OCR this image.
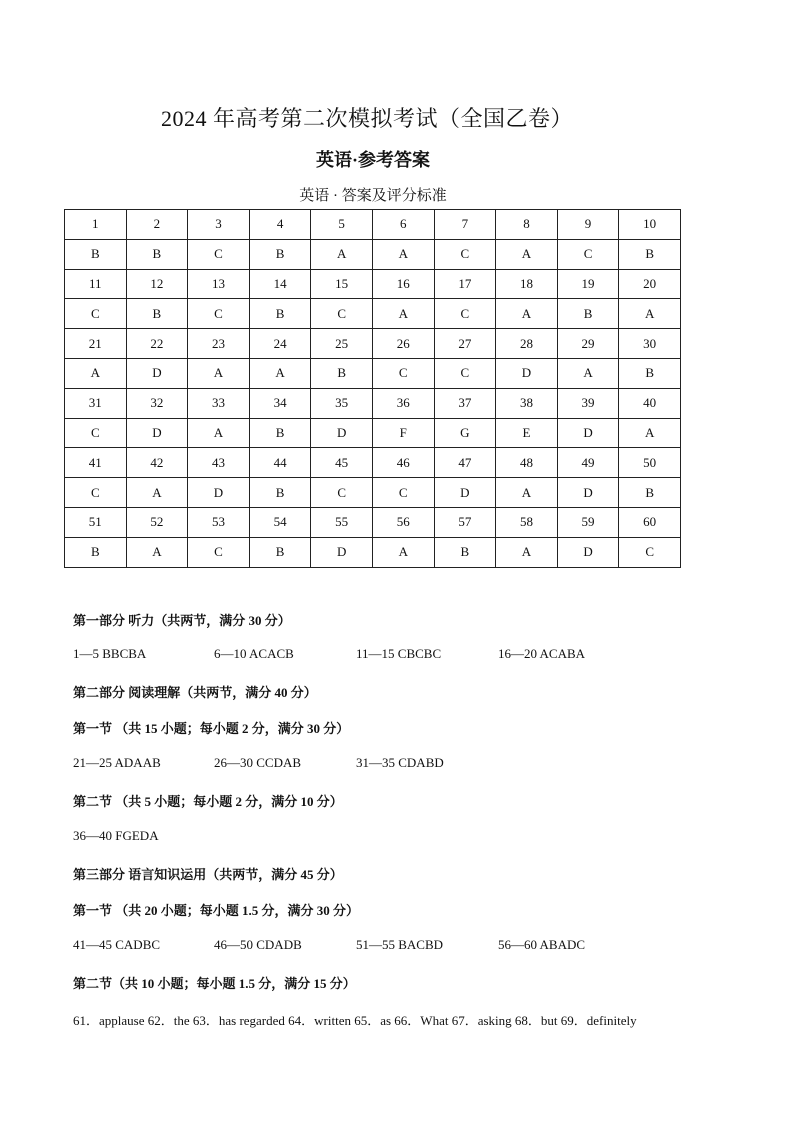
2024 年高考第二次模拟考试（全国乙卷）
英语·参考答案
英语 · 答案及评分标准
1	2	3	4	5	6	7	8	9	10
B	B	C	B	A	A	C	A	C	B
11	12	13	14	15	16	17	18	19	20
C	B	C	B	C	A	C	A	B	A
21	22	23	24	25	26	27	28	29	30
A	D	A	A	B	C	C	D	A	B
31	32	33	34	35	36	37	38	39	40
C	D	A	B	D	F	G	E	D	A
41	42	43	44	45	46	47	48	49	50
C	A	D	B	C	C	D	A	D	B
51	52	53	54	55	56	57	58	59	60
B	A	C	B	D	A	B	A	D	C
第一部分 听力（共两节，满分 30 分）
1—5 BBCBA	6—10 ACACB	11—15 CBCBC	16—20 ACABA
第二部分 阅读理解（共两节，满分 40 分）
第一节 （共 15 小题；每小题 2 分，满分 30 分）
21—25 ADAAB	26—30 CCDAB	31—35 CDABD
第二节 （共 5 小题；每小题 2 分，满分 10 分）
36—40 FGEDA
第三部分 语言知识运用（共两节，满分 45 分）
第一节 （共 20 小题；每小题 1.5 分，满分 30 分）
41—45 CADBC	46—50 CDADB	51—55 BACBD	56—60 ABADC
第二节（共 10 小题；每小题 1.5 分，满分 15 分）
61．applause 62．the 63．has regarded 64．written 65．as 66．What 67．asking 68．but 69．definitely
